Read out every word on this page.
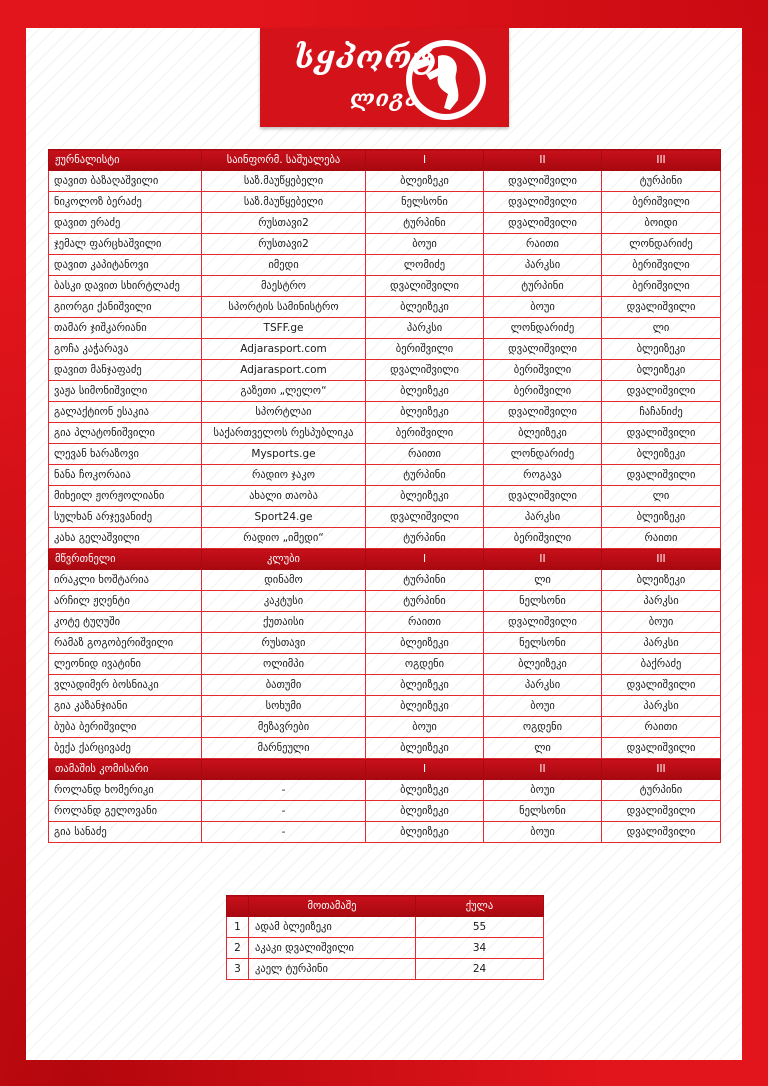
სყპორტ
ლიგა
ჟურნალისტი	საინფორმ. საშუალება	I	II	III
დავით ბაზაღაშვილი	საზ.მაუწყებელი	ბლეიზეკი	დვალიშვილი	ტურპინი
ნიკოლოზ ბერაძე	საზ.მაუწყებელი	ნელსონი	დვალიშვილი	ბერიშვილი
დავით ერაძე	რუსთავი2	ტურპინი	დვალიშვილი	ბოიდი
ჯემალ ფარცხაშვილი	რუსთავი2	ბოუი	რაითი	ლონდარიძე
დავით კაპიტანოვი	იმედი	ლომიძე	პარკსი	ბერიშვილი
ბასკი დავით სხირტლაძე	მაესტრო	დვალიშვილი	ტურპინი	ბერიშვილი
გიორგი ქანიშვილი	სპორტის სამინისტრო	ბლეიზეკი	ბოუი	დვალიშვილი
თამარ ჯიშკარიანი	TSFF.ge	პარკსი	ლონდარიძე	ლი
გოჩა კაჭარავა	Adjarasport.com	ბერიშვილი	დვალიშვილი	ბლეიზეკი
დავით მანჯაფაძე	Adjarasport.com	დვალიშვილი	ბერიშვილი	ბლეიზეკი
ვაჟა სიმონიშვილი	გაზეთი „ლელო“	ბლეიზეკი	ბერიშვილი	დვალიშვილი
გალაქტიონ ესაკია	სპორტლაი	ბლეიზეკი	დვალიშვილი	ჩაჩანიძე
გია პლატონიშვილი	საქართველოს რესპუბლიკა	ბერიშვილი	ბლეიზეკი	დვალიშვილი
ლევან ხარაზოვი	Mysports.ge	რაითი	ლონდარიძე	ბლეიზეკი
ნანა ჩოკორაია	რადიო ჯაკო	ტურპინი	როგავა	დვალიშვილი
მიხეილ ჟორჟოლიანი	ახალი თაობა	ბლეიზეკი	დვალიშვილი	ლი
სულხან არჯევანიძე	Sport24.ge	დვალიშვილი	პარკსი	ბლეიზეკი
კახა გელაშვილი	რადიო „იმედი“	ტურპინი	ბერიშვილი	რაითი
მწვრთნელი	კლუბი	I	II	III
ირაკლი ხოშტარია	დინამო	ტურპინი	ლი	ბლეიზეკი
არჩილ ჟღენტი	კაკტუსი	ტურპინი	ნელსონი	პარკსი
კოტე ტუღუში	ქუთაისი	რაითი	დვალიშვილი	ბოუი
რამაზ გოგობერიშვილი	რუსთავი	ბლეიზეკი	ნელსონი	პარკსი
ლეონიდ ივატინი	ოლიმპი	ოგდენი	ბლეიზეკი	ბაქრაძე
ვლადიმერ ბოსნიაკი	ბათუმი	ბლეიზეკი	პარკსი	დვალიშვილი
გია კაზანჯიანი	სოხუმი	ბლეიზეკი	ბოუი	პარკსი
ბუბა ბერიშვილი	მეზავრები	ბოუი	ოგდენი	რაითი
ბექა ქარცივაძე	მარნეული	ბლეიზეკი	ლი	დვალიშვილი
თამაშის კომისარი		I	II	III
როლანდ ხომერიკი	-	ბლეიზეკი	ბოუი	ტურპინი
როლანდ გელოვანი	-	ბლეიზეკი	ნელსონი	დვალიშვილი
გია სანაძე	-	ბლეიზეკი	ბოუი	დვალიშვილი
	მოთამაშე	ქულა
1	ადამ ბლეიზეკი	55
2	აკაკი დვალიშვილი	34
3	კაელ ტურპინი	24
